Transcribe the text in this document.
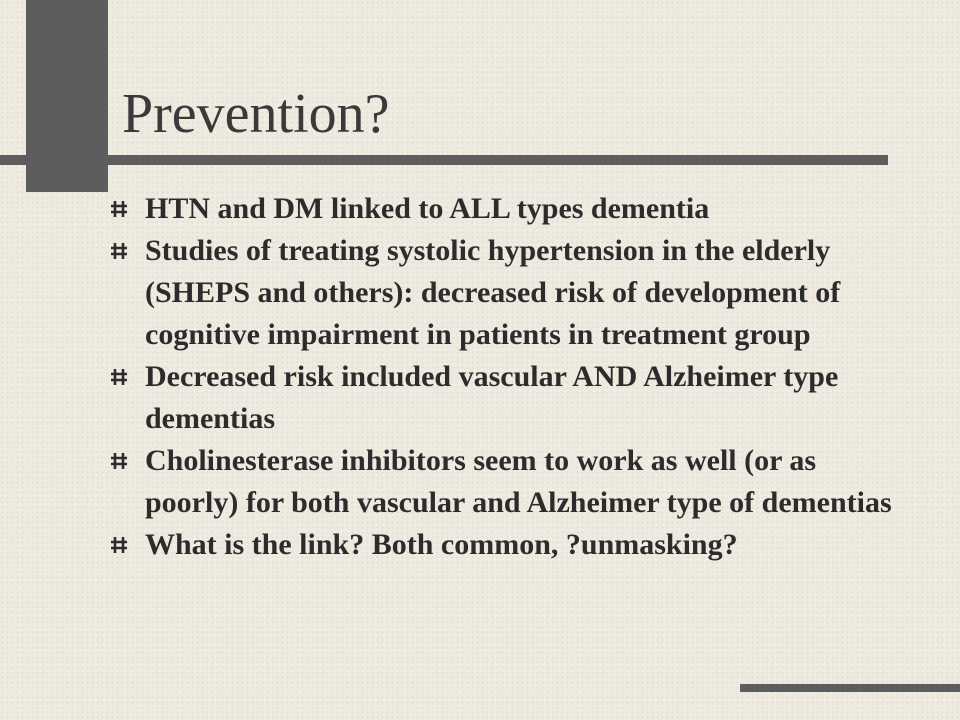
Prevention?
HTN and DM linked to ALL types dementia
Studies of treating systolic hypertension in the elderly (SHEPS and others): decreased risk of development of cognitive impairment in patients in treatment group
Decreased risk included vascular AND Alzheimer type dementias
Cholinesterase inhibitors seem to work as well (or as poorly) for both vascular and Alzheimer type of dementias
What is the link? Both common, ?unmasking?
